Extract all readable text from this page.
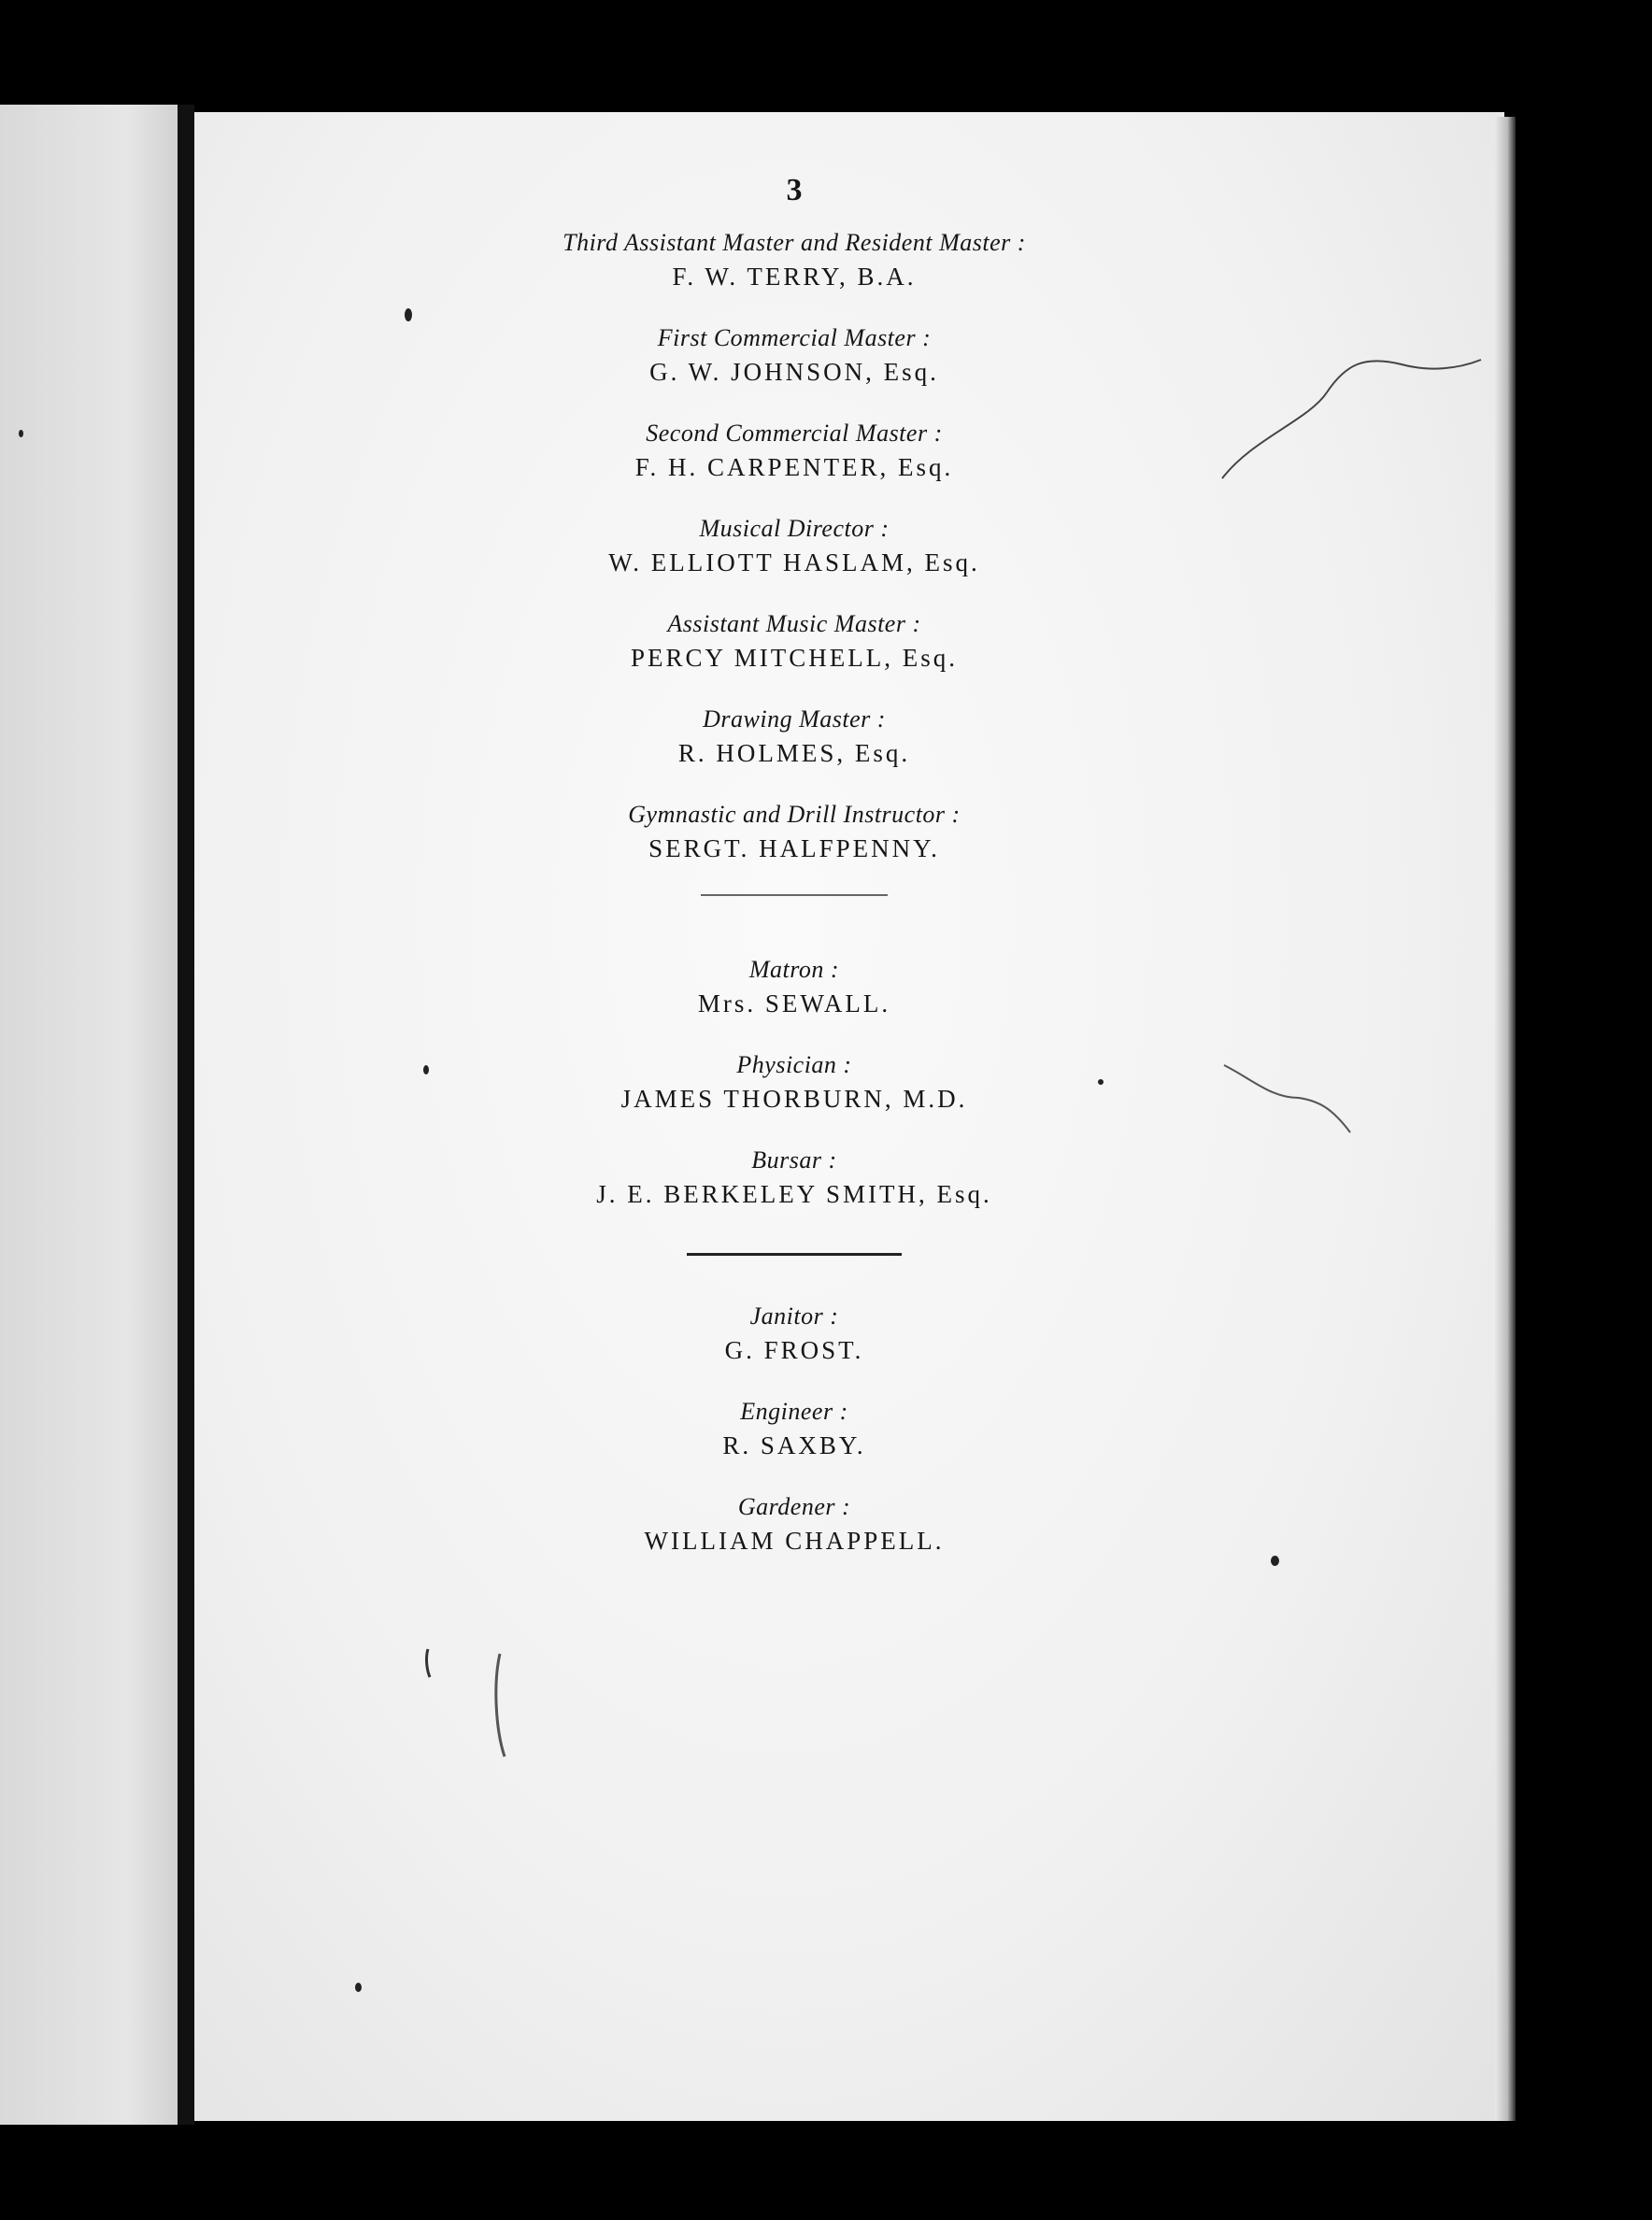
3
Third Assistant Master and Resident Master :
F. W. TERRY, B.A.
First Commercial Master :
G. W. JOHNSON, Esq.
Second Commercial Master :
F. H. CARPENTER, Esq.
Musical Director :
W. ELLIOTT HASLAM, Esq.
Assistant Music Master :
PERCY MITCHELL, Esq.
Drawing Master :
R. HOLMES, Esq.
Gymnastic and Drill Instructor :
SERGT. HALFPENNY.
Matron :
Mrs. SEWALL.
Physician :
JAMES THORBURN, M.D.
Bursar :
J. E. BERKELEY SMITH, Esq.
Janitor :
G. FROST.
Engineer :
R. SAXBY.
Gardener :
WILLIAM CHAPPELL.
